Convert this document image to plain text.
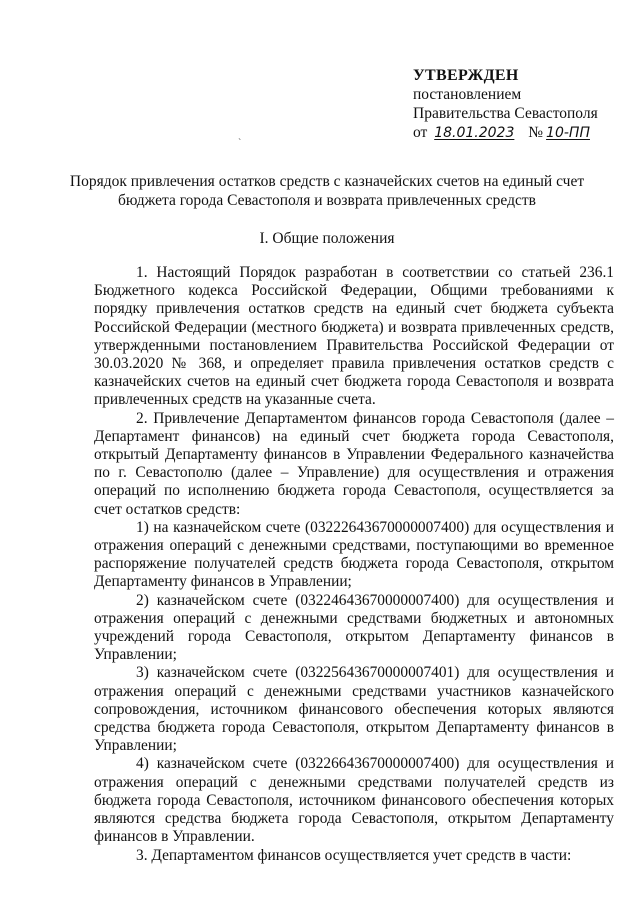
УТВЕРЖДЕН
постановлением
Правительства Севастополя
от 18.01.2023 № 10-ПП
`
Порядок привлечения остатков средств с казначейских счетов на единый счет бюджета города Севастополя и возврата привлеченных средств
I. Общие положения

1. Настоящий Порядок разработан в соответствии со статьей 236.1 Бюджетного кодекса Российской Федерации, Общими требованиями к порядку привлечения остатков средств на единый счет бюджета субъекта Российской Федерации (местного бюджета) и возврата привлеченных средств, утвержденными постановлением Правительства Российской Федерации от 30.03.2020 № 368, и определяет правила привлечения остатков средств с казначейских счетов на единый счет бюджета города Севастополя и возврата привлеченных средств на указанные счета.

2. Привлечение Департаментом финансов города Севастополя (далее – Департамент финансов) на единый счет бюджета города Севастополя, открытый Департаменту финансов в Управлении Федерального казначейства по г. Севастополю (далее – Управление) для осуществления и отражения операций по исполнению бюджета города Севастополя, осуществляется за счет остатков средств:

1) на казначейском счете (03222643670000007400) для осуществления и отражения операций с денежными средствами, поступающими во временное распоряжение получателей средств бюджета города Севастополя, открытом Департаменту финансов в Управлении;

2) казначейском счете (03224643670000007400) для осуществления и отражения операций с денежными средствами бюджетных и автономных учреждений города Севастополя, открытом Департаменту финансов в Управлении;

3) казначейском счете (03225643670000007401) для осуществления и отражения операций с денежными средствами участников казначейского сопровождения, источником финансового обеспечения которых являются средства бюджета города Севастополя, открытом Департаменту финансов в Управлении;

4) казначейском счете (03226643670000007400) для осуществления и отражения операций с денежными средствами получателей средств из бюджета города Севастополя, источником финансового обеспечения которых являются средства бюджета города Севастополя, открытом Департаменту финансов в Управлении.

3. Департаментом финансов осуществляется учет средств в части:
